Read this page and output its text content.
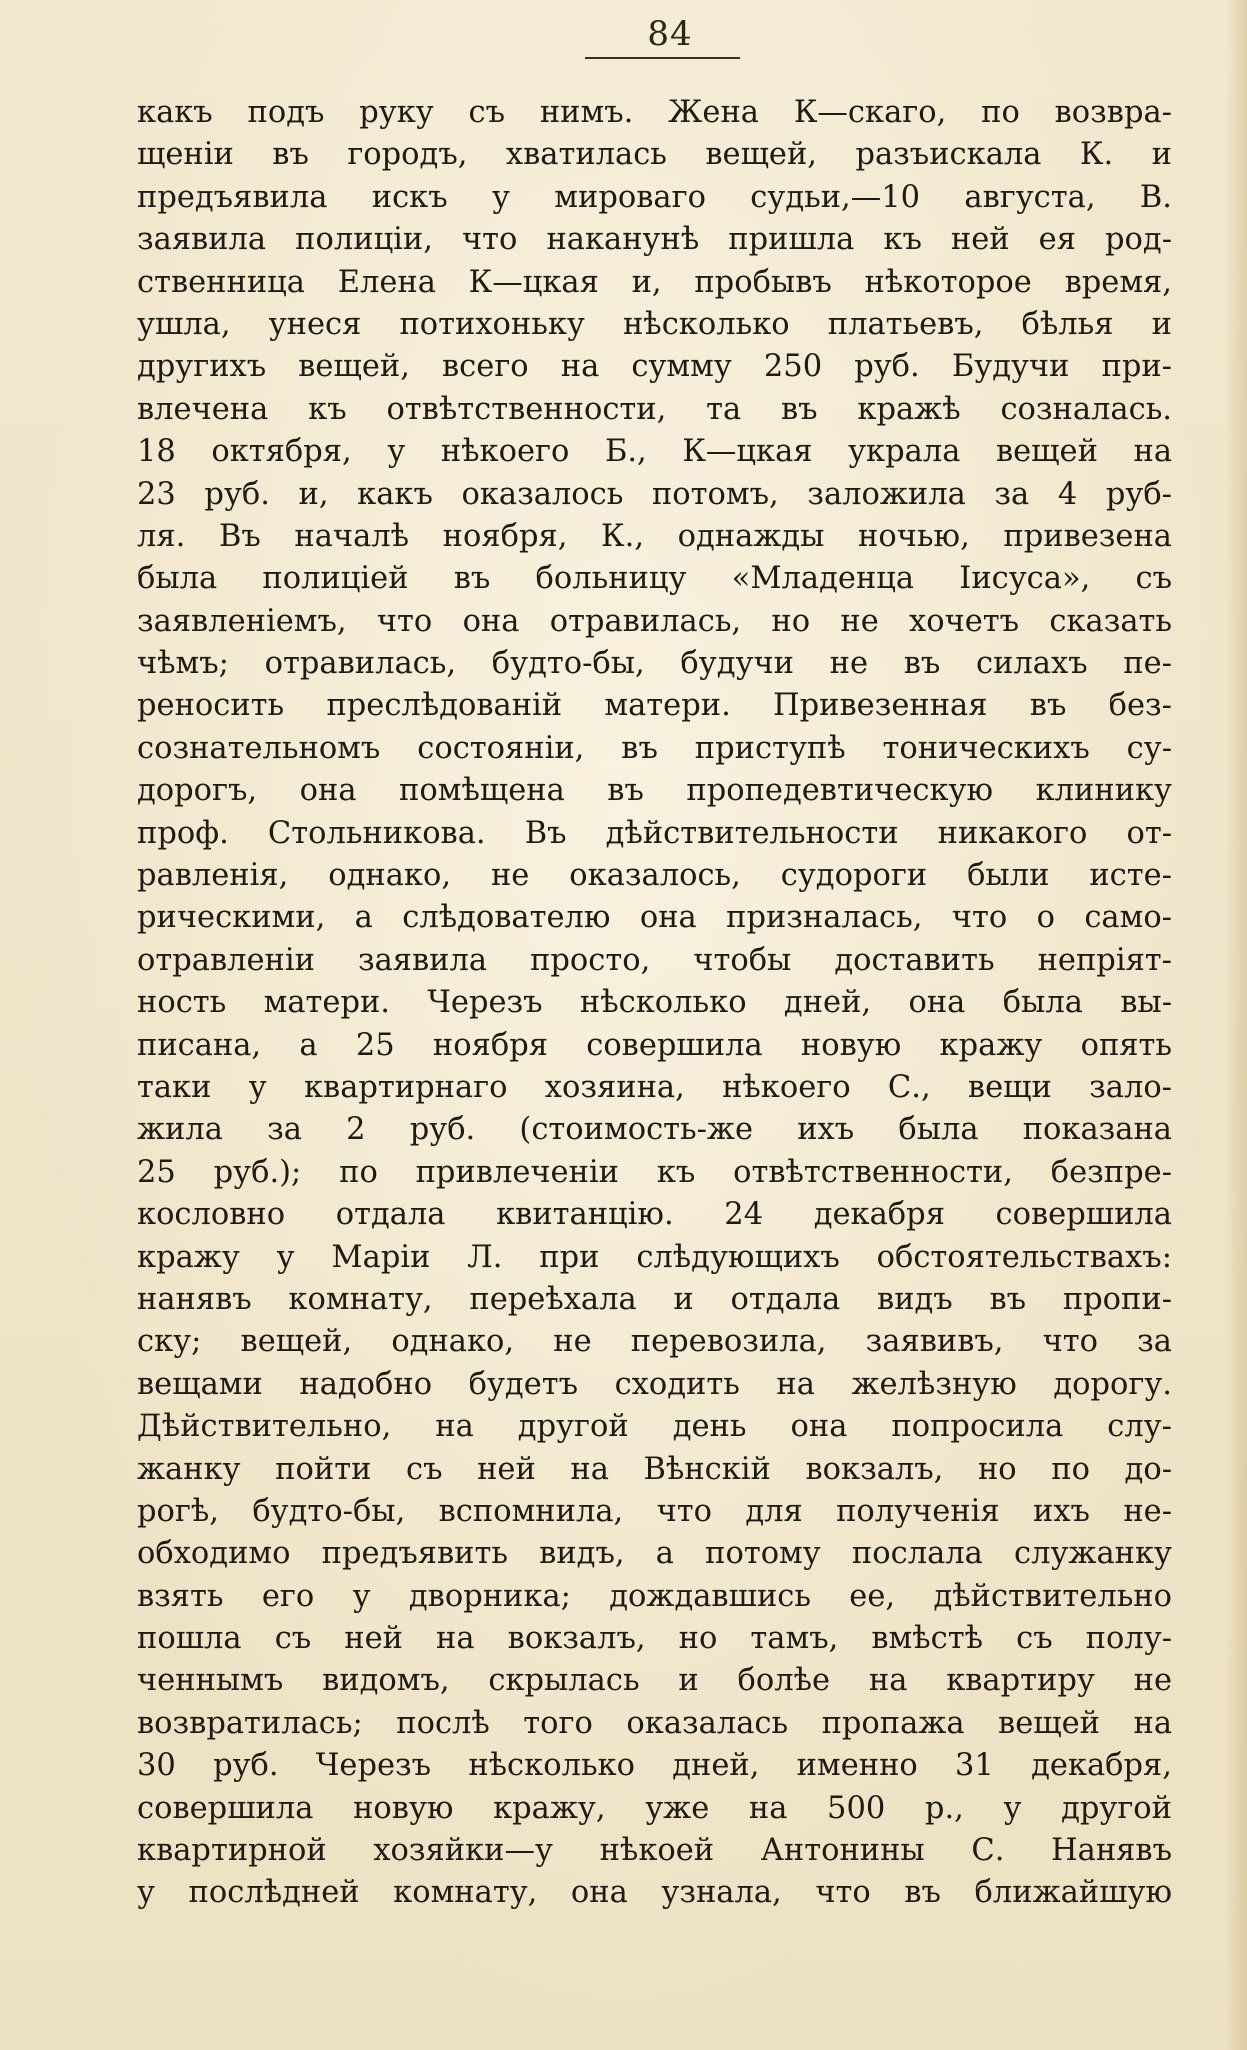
84
какъ подъ руку съ нимъ. Жена К—скаго, по возвра-
щеніи въ городъ, хватилась вещей, разъискала К. и
предъявила искъ у мироваго судьи,—10 августа, В.
заявила полиціи, что наканунѣ пришла къ ней ея род-
ственница Елена К—цкая и, пробывъ нѣкоторое время,
ушла, унеся потихоньку нѣсколько платьевъ, бѣлья и
другихъ вещей, всего на сумму 250 руб. Будучи при-
влечена къ отвѣтственности, та въ кражѣ созналась.
18 октября, у нѣкоего Б., К—цкая украла вещей на
23 руб. и, какъ оказалось потомъ, заложила за 4 руб-
ля. Въ началѣ ноября, К., однажды ночью, привезена
была полиціей въ больницу «Младенца Іисуса», съ
заявленіемъ, что она отравилась, но не хочетъ сказать
чѣмъ; отравилась, будто-бы, будучи не въ силахъ пе-
реносить преслѣдованій матери. Привезенная въ без-
сознательномъ состояніи, въ приступѣ тоническихъ су-
дорогъ, она помѣщена въ пропедевтическую клинику
проф. Стольникова. Въ дѣйствительности никакого от-
равленія, однако, не оказалось, судороги были исте-
рическими, а слѣдователю она призналась, что о само-
отравленіи заявила просто, чтобы доставить непріят-
ность матери. Черезъ нѣсколько дней, она была вы-
писана, а 25 ноября совершила новую кражу опять
таки у квартирнаго хозяина, нѣкоего С., вещи зало-
жила за 2 руб. (стоимость-же ихъ была показана
25 руб.); по привлеченіи къ отвѣтственности, безпре-
кословно отдала квитанцію. 24 декабря совершила
кражу у Маріи Л. при слѣдующихъ обстоятельствахъ:
нанявъ комнату, переѣхала и отдала видъ въ пропи-
ску; вещей, однако, не перевозила, заявивъ, что за
вещами надобно будетъ сходить на желѣзную дорогу.
Дѣйствительно, на другой день она попросила слу-
жанку пойти съ ней на Вѣнскій вокзалъ, но по до-
рогѣ, будто-бы, вспомнила, что для полученія ихъ не-
обходимо предъявить видъ, а потому послала служанку
взять его у дворника; дождавшись ее, дѣйствительно
пошла съ ней на вокзалъ, но тамъ, вмѣстѣ съ полу-
ченнымъ видомъ, скрылась и болѣе на квартиру не
возвратилась; послѣ того оказалась пропажа вещей на
30 руб. Черезъ нѣсколько дней, именно 31 декабря,
совершила новую кражу, уже на 500 р., у другой
квартирной хозяйки—у нѣкоей Антонины С. Нанявъ
у послѣдней комнату, она узнала, что въ ближайшую
